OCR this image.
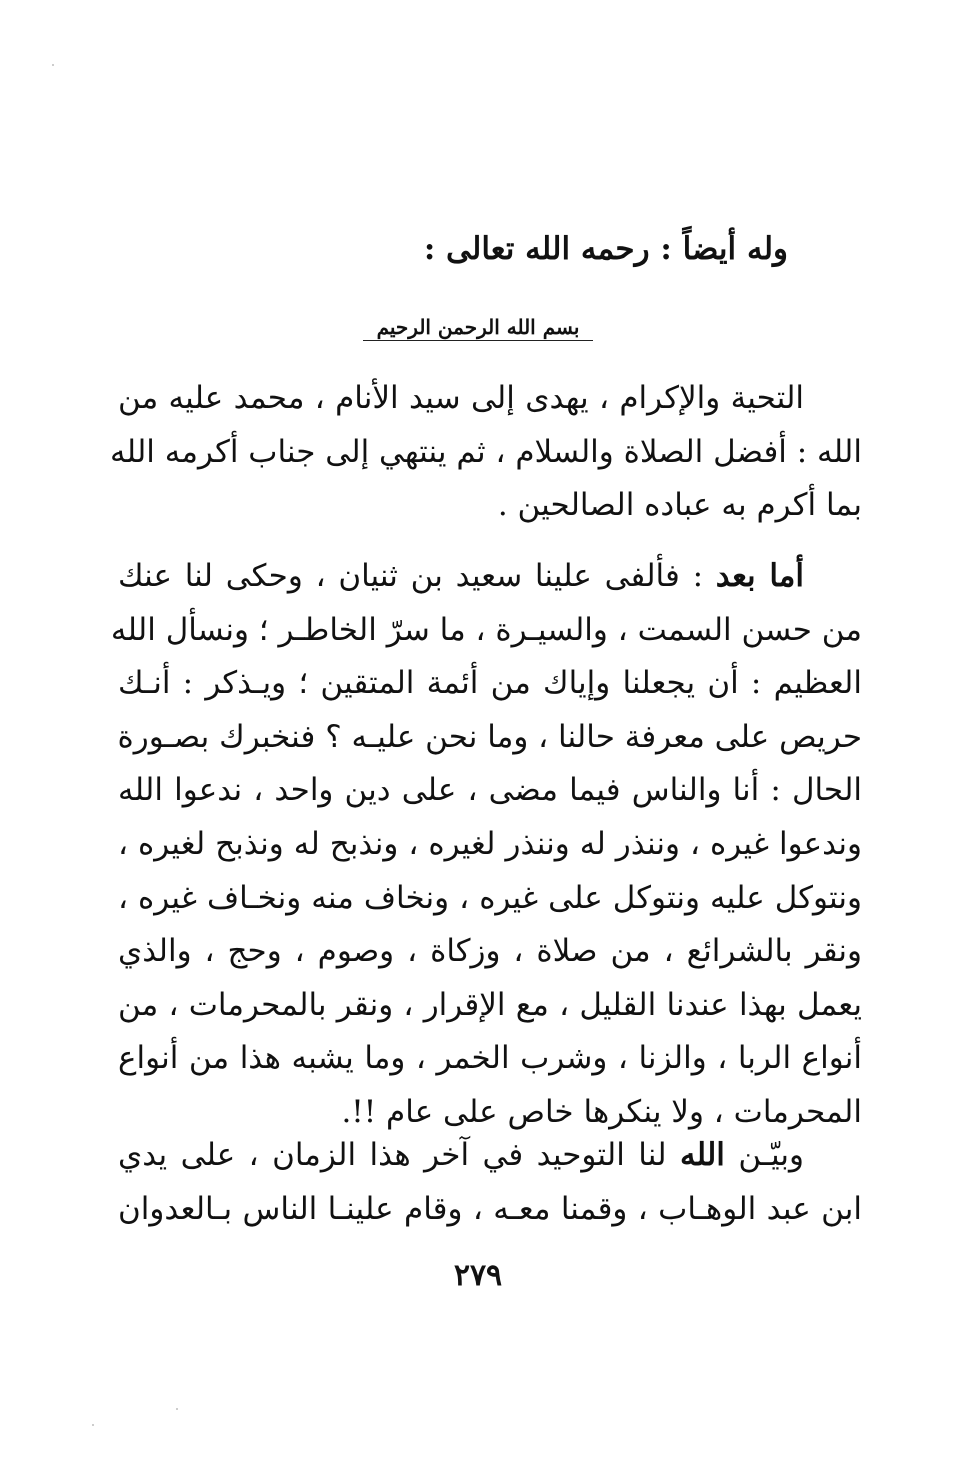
وله أيضاً : رحمه الله تعالى :
بسم الله الرحمن الرحيم
التحية والإكرام ، يهدى إلى سيد الأنام ، محمد عليه من
الله : أفضل الصلاة والسلام ، ثم ينتهي إلى جناب أكرمه الله
بما أكرم به عباده الصالحين .
أما بعد : فألفى علينا سعيد بن ثنيان ، وحكى لنا عنك
من حسن السمت ، والسيـرة ، ما سرّ الخاطـر ؛ ونسأل الله
العظيم : أن يجعلنا وإياك من أئمة المتقين ؛ ويـذكر : أنـك
حريص على معرفة حالنا ، وما نحن عليـه ؟ فنخبرك بصـورة
الحال : أنا والناس فيما مضى ، على دين واحد ، ندعوا الله
وندعوا غيره ، وننذر له وننذر لغيره ، ونذبح له ونذبح لغيره ،
ونتوكل عليه ونتوكل على غيره ، ونخاف منه ونخـاف غيره ،
ونقر بالشرائع ، من صلاة ، وزكاة ، وصوم ، وحج ، والذي
يعمل بهذا عندنا القليل ، مع الإقرار ، ونقر بالمحرمات ، من
أنواع الربا ، والزنا ، وشرب الخمر ، وما يشبه هذا من أنواع
المحرمات ، ولا ينكرها خاص على عام !!.
وبيّـن الله لنا التوحيد في آخر هذا الزمان ، على يدي
ابن عبد الوهـاب ، وقمنا معـه ، وقام علينـا الناس بـالعدوان
٢٧٩
